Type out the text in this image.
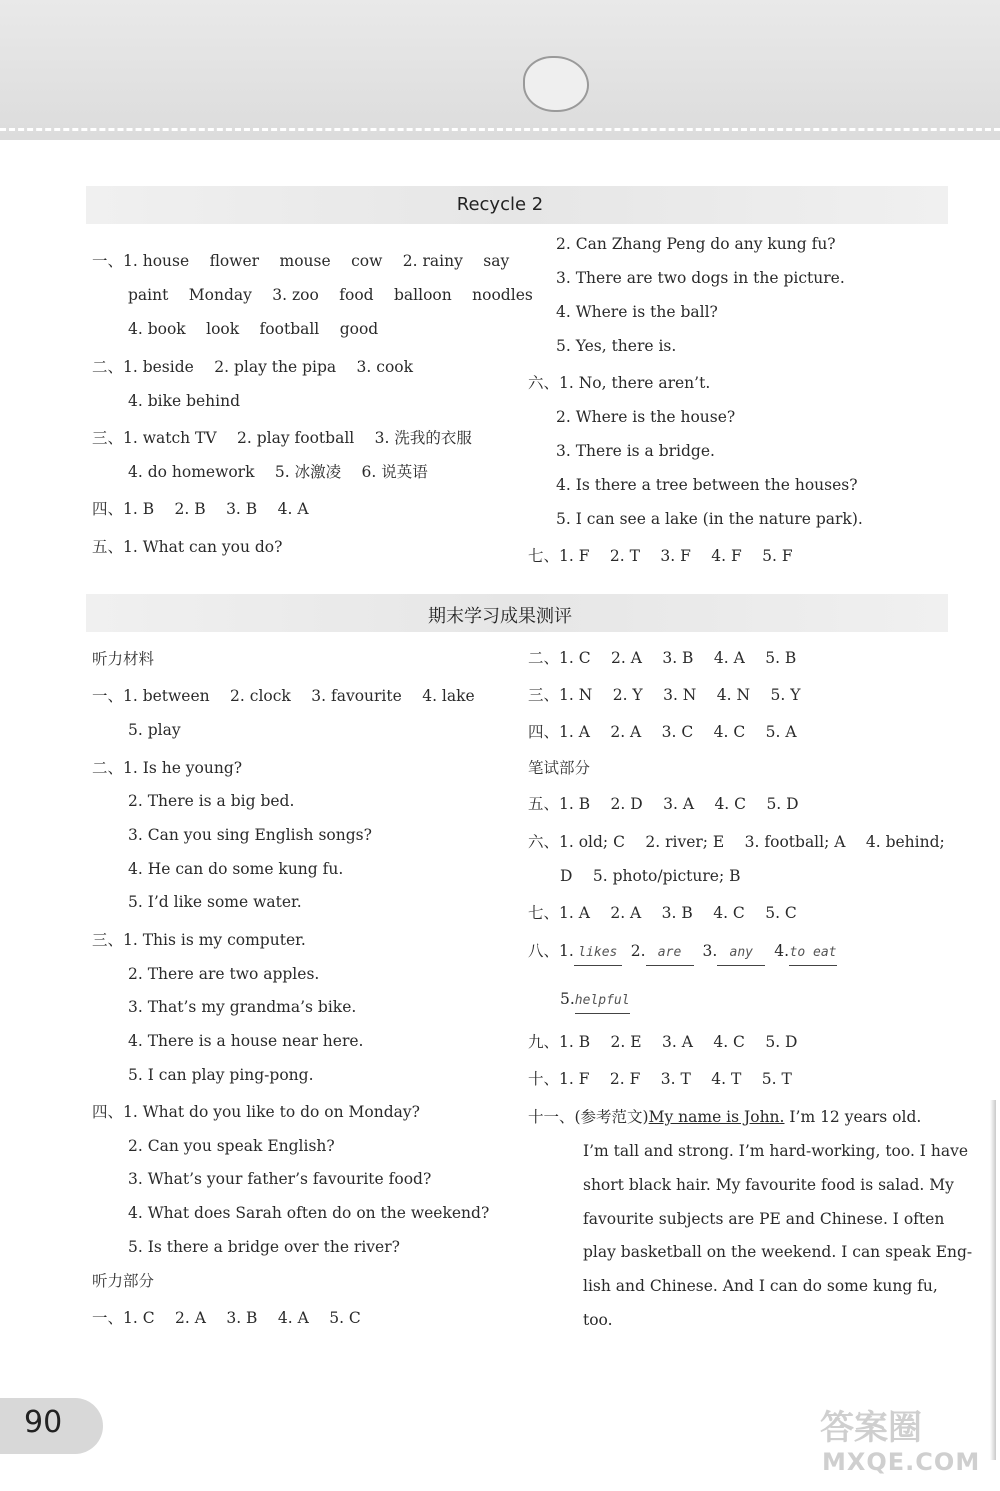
Recycle 2
一、1. house　 flower　 mouse　 cow　 2. rainy　 say
paint　 Monday　 3. zoo　 food　 balloon　 noodles
4. book　 look　 football　 good
二、1. beside　 2. play the pipa　 3. cook
4. bike behind
三、1. watch TV　 2. play football　 3. 洗我的衣服
4. do homework　 5. 冰激凌　 6. 说英语
四、1. B　 2. B　 3. B　 4. A
五、1. What can you do?
2. Can Zhang Peng do any kung fu?
3. There are two dogs in the picture.
4. Where is the ball?
5. Yes, there is.
六、1. No, there aren’t.
2. Where is the house?
3. There is a bridge.
4. Is there a tree between the houses?
5. I can see a lake (in the nature park).
七、1. F　 2. T　 3. F　 4. F　 5. F
期末学习成果测评
听力材料
一、1. between　 2. clock　 3. favourite　 4. lake
5. play
二、1. Is he young?
2. There is a big bed.
3. Can you sing English songs?
4. He can do some kung fu.
5. I’d like some water.
三、1. This is my computer.
2. There are two apples.
3. That’s my grandma’s bike.
4. There is a house near here.
5. I can play ping-pong.
四、1. What do you like to do on Monday?
2. Can you speak English?
3. What’s your father’s favourite food?
4. What does Sarah often do on the weekend?
5. Is there a bridge over the river?
听力部分
一、1. C　 2. A　 3. B　 4. A　 5. C
二、1. C　 2. A　 3. B　 4. A　 5. B
三、1. N　 2. Y　 3. N　 4. N　 5. Y
四、1. A　 2. A　 3. C　 4. C　 5. A
笔试部分
五、1. B　 2. D　 3. A　 4. C　 5. D
六、1. old; C　 2. river; E　 3. football; A　 4. behind;
D　 5. photo/picture; B
七、1. A　 2. A　 3. B　 4. C　 5. C
八、1. likes 2. are 3. any 4.to eat
5.helpful
九、1. B　 2. E　 3. A　 4. C　 5. D
十、1. F　 2. F　 3. T　 4. T　 5. T
十一、(参考范文)My name is John. I’m 12 years old.
I’m tall and strong. I’m hard-working, too. I have
short black hair. My favourite food is salad. My
favourite subjects are PE and Chinese. I often
play basketball on the weekend. I can speak Eng-
lish and Chinese. And I can do some kung fu,
too.
90	答案圈
MXQE.COM
